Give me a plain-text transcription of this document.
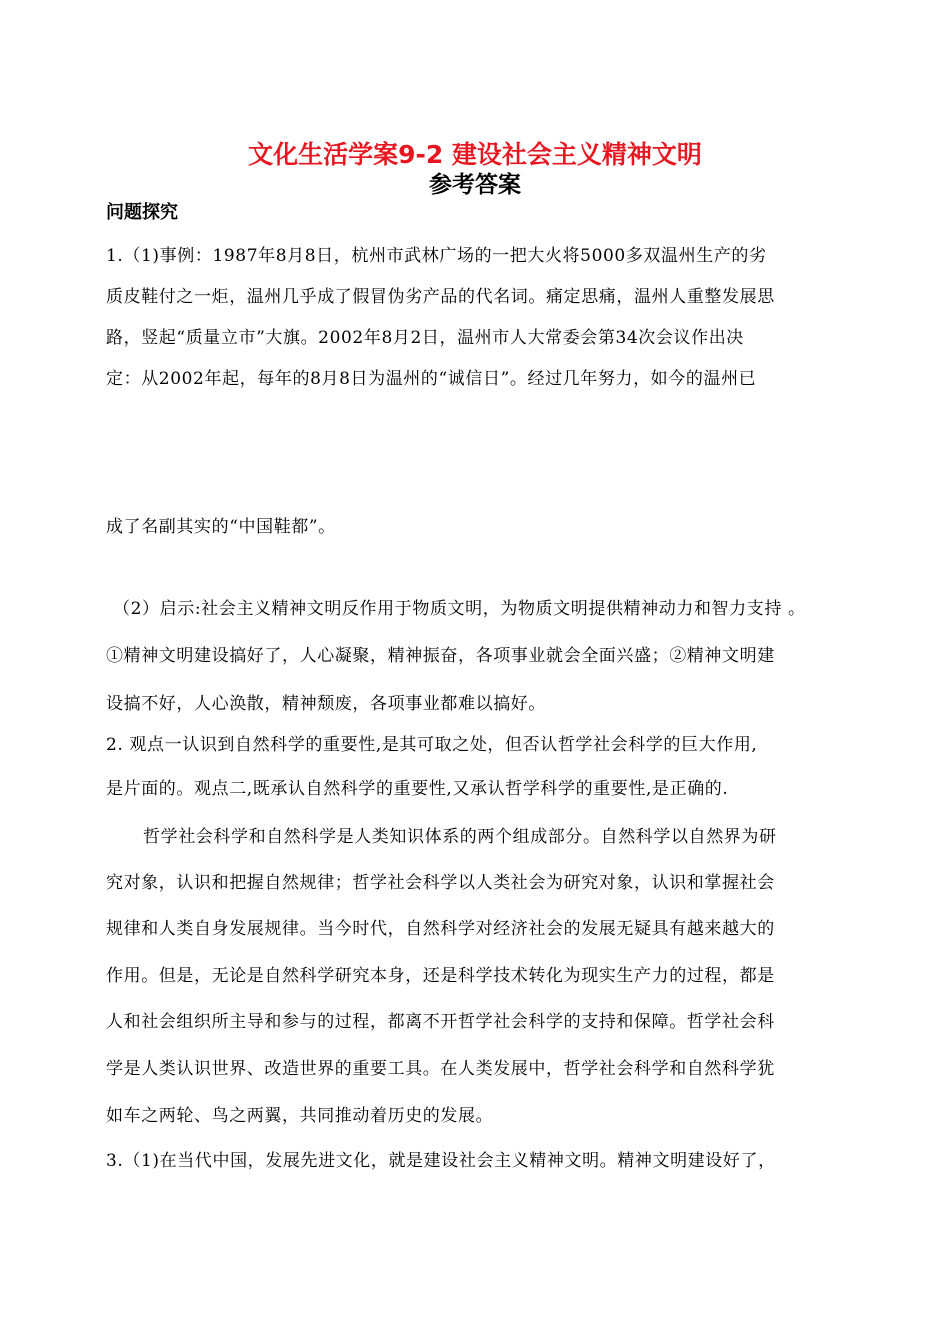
文化生活学案9-2 建设社会主义精神文明
参考答案
问题探究
1.（1)事例：1987年8月8日，杭州市武林广场的一把大火将5000多双温州生产的劣
质皮鞋付之一炬，温州几乎成了假冒伪劣产品的代名词。痛定思痛，温州人重整发展思
路，竖起“质量立市”大旗。2002年8月2日，温州市人大常委会第34次会议作出决
定：从2002年起，每年的8月8日为温州的“诚信日”。经过几年努力，如今的温州已
成了名副其实的“中国鞋都”。
（2）启示:社会主义精神文明反作用于物质文明，为物质文明提供精神动力和智力支持 。
①精神文明建设搞好了，人心凝聚，精神振奋，各项事业就会全面兴盛；②精神文明建
设搞不好，人心涣散，精神颓废，各项事业都难以搞好。
2. 观点一认识到自然科学的重要性,是其可取之处，但否认哲学社会科学的巨大作用,
是片面的。观点二,既承认自然科学的重要性,又承认哲学科学的重要性,是正确的.
哲学社会科学和自然科学是人类知识体系的两个组成部分。自然科学以自然界为研
究对象，认识和把握自然规律；哲学社会科学以人类社会为研究对象，认识和掌握社会
规律和人类自身发展规律。当今时代，自然科学对经济社会的发展无疑具有越来越大的
作用。但是，无论是自然科学研究本身，还是科学技术转化为现实生产力的过程，都是
人和社会组织所主导和参与的过程，都离不开哲学社会科学的支持和保障。哲学社会科
学是人类认识世界、改造世界的重要工具。在人类发展中，哲学社会科学和自然科学犹
如车之两轮、鸟之两翼，共同推动着历史的发展。
3.（1)在当代中国，发展先进文化，就是建设社会主义精神文明。精神文明建设好了，
